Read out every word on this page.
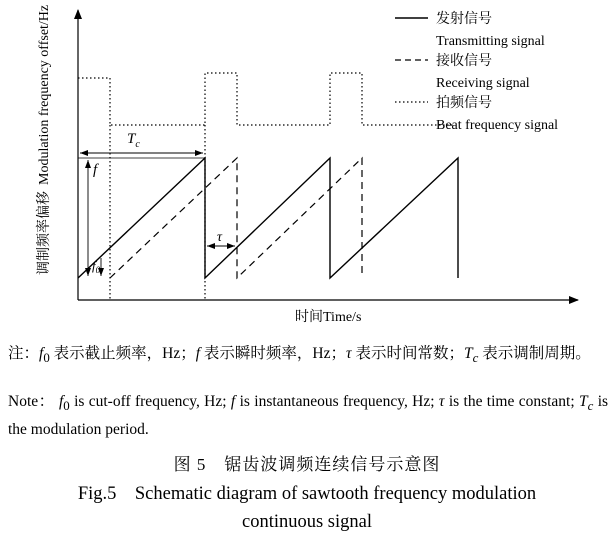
$T_c$
f
$f_0$
τ
调制频率偏移Modulation frequency offset/Hz
时间Time/s
发射信号
Transmitting signal
接收信号
Receiving signal
拍频信号
Beat frequency signal
注：$f_0$ 表示截止频率，Hz；f 表示瞬时频率，Hz；τ 表示时间常数；$T_c$ 表示调制周期。
Note： $f_0$ is cut-off frequency, Hz; f is instantaneous frequency, Hz; τ is the time constant; $T_c$ is the modulation period.
图 5　锯齿波调频连续信号示意图
Fig.5　Schematic diagram of sawtooth frequency modulation
continuous signal
